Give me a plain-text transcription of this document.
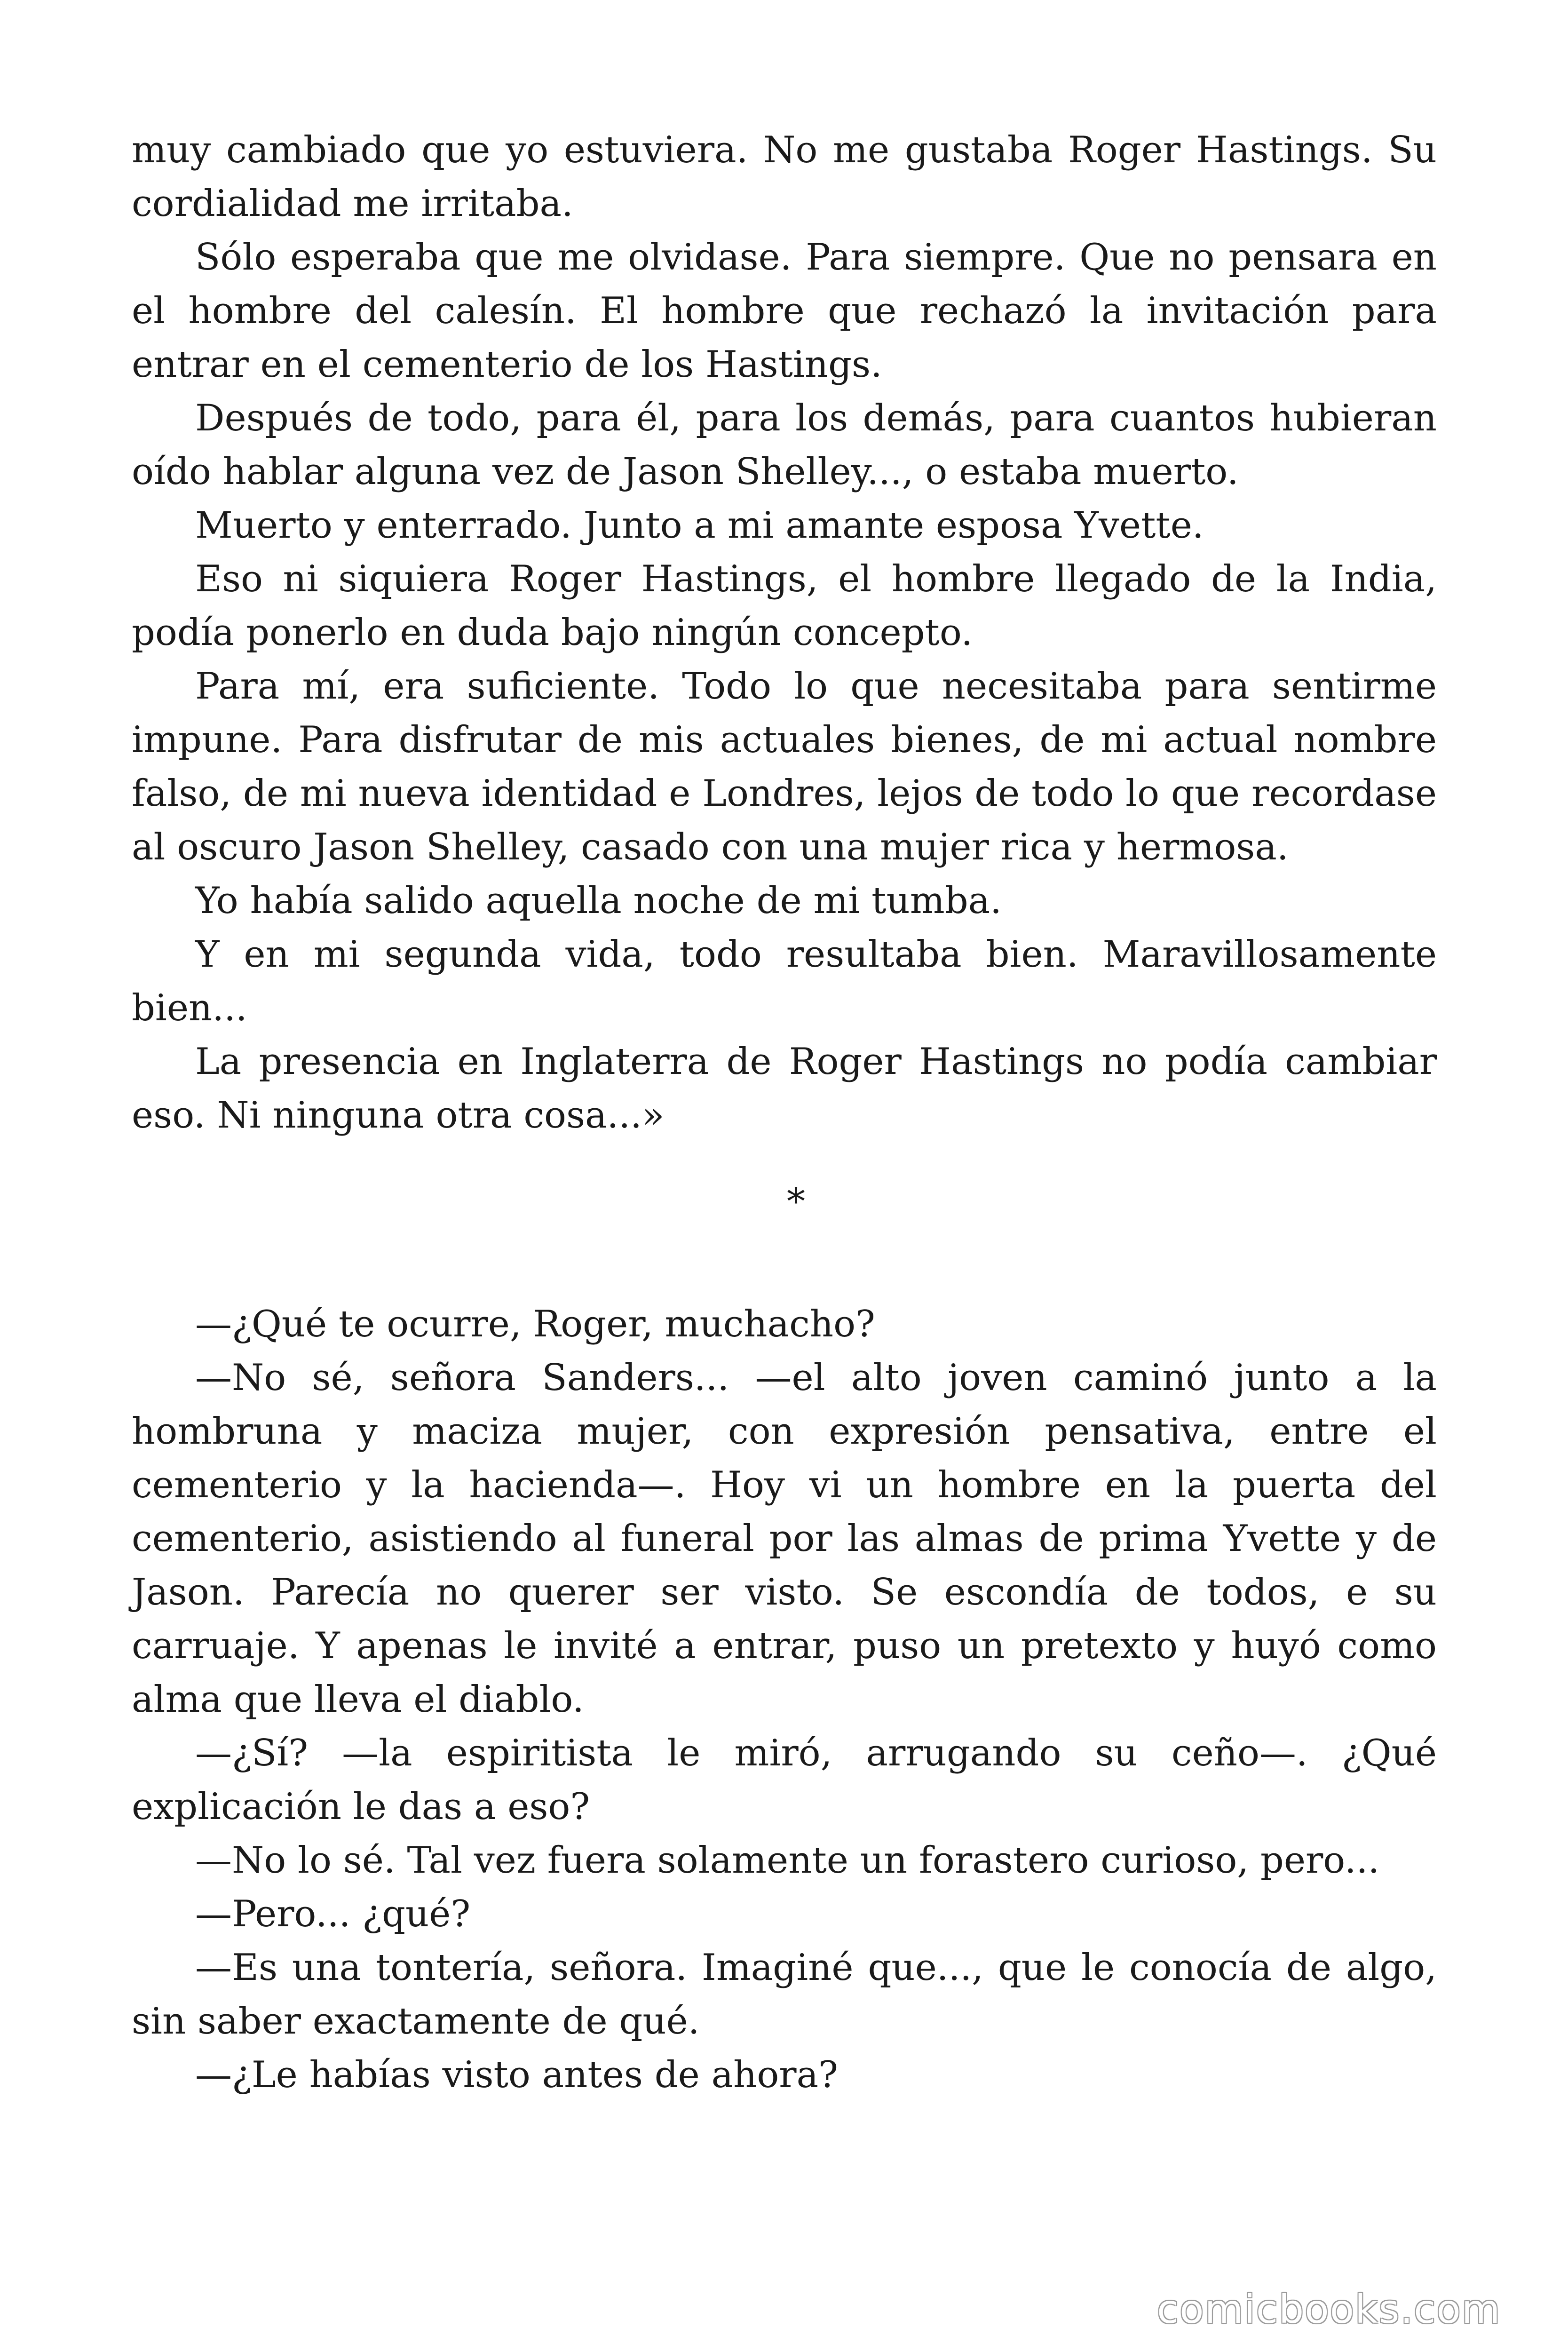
muy cambiado que yo estuviera. No me gustaba Roger Hastings. Su cordialidad me irritaba.

Sólo esperaba que me olvidase. Para siempre. Que no pensara en el hombre del calesín. El hombre que rechazó la invitación para entrar en el cementerio de los Hastings.

Después de todo, para él, para los demás, para cuantos hubieran oído hablar alguna vez de Jason Shelley..., o estaba muerto.

Muerto y enterrado. Junto a mi amante esposa Yvette.

Eso ni siquiera Roger Hastings, el hombre llegado de la India, podía ponerlo en duda bajo ningún concepto.

Para mí, era suficiente. Todo lo que necesitaba para sentirme impune. Para disfrutar de mis actuales bienes, de mi actual nombre falso, de mi nueva identidad e Londres, lejos de todo lo que recordase al oscuro Jason Shelley, casado con una mujer rica y hermosa.

Yo había salido aquella noche de mi tumba.

Y en mi segunda vida, todo resultaba bien. Maravillosamente bien...

La presencia en Inglaterra de Roger Hastings no podía cambiar eso. Ni ninguna otra cosa...»

*

—¿Qué te ocurre, Roger, muchacho?

—No sé, señora Sanders... —el alto joven caminó junto a la hombruna y maciza mujer, con expresión pensativa, entre el cementerio y la hacienda—. Hoy vi un hombre en la puerta del cementerio, asistiendo al funeral por las almas de prima Yvette y de Jason. Parecía no querer ser visto. Se escondía de todos, e su carruaje. Y apenas le invité a entrar, puso un pretexto y huyó como alma que lleva el diablo.

—¿Sí? —la espiritista le miró, arrugando su ceño—. ¿Qué explicación le das a eso?

—No lo sé. Tal vez fuera solamente un forastero curioso, pero...

—Pero... ¿qué?

—Es una tontería, señora. Imaginé que..., que le conocía de algo, sin saber exactamente de qué.

—¿Le habías visto antes de ahora?

comicbooks.com
